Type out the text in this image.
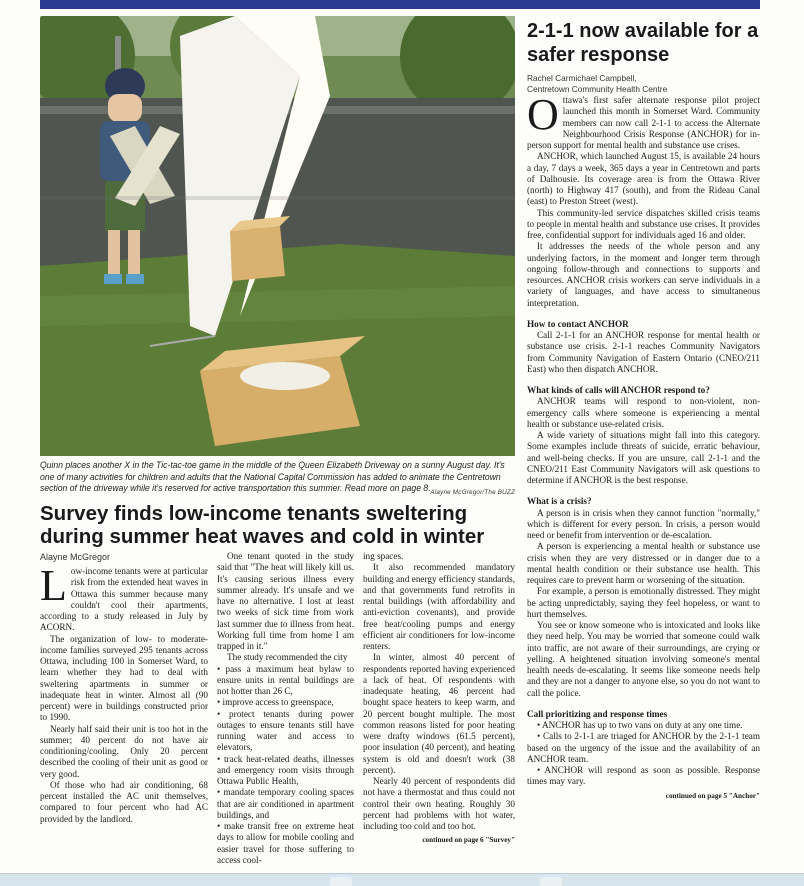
Quinn places another X in the Tic-tac-toe game in the middle of the Queen Elizabeth Driveway on a sunny August day. It's one of many activities for children and adults that the National Capital Commission has added to animate the Centretown section of the driveway while it's reserved for active transportation this summer. Read more on page 8. Alayne McGregor/The BUZZ
Survey finds low-income tenants sweltering during summer heat waves and cold in winter
Alayne McGregor

Low-income tenants were at particular risk from the extended heat waves in Ottawa this summer because many couldn't cool their apartments, according to a study released in July by ACORN.

The organization of low- to moderate-income families surveyed 295 tenants across Ottawa, including 100 in Somerset Ward, to learn whether they had to deal with sweltering apartments in summer or inadequate heat in winter. Almost all (90 percent) were in buildings constructed prior to 1990.

Nearly half said their unit is too hot in the summer; 40 percent do not have air conditioning/cooling. Only 20 percent described the cooling of their unit as good or very good.

Of those who had air conditioning, 68 percent installed the AC unit themselves, compared to four percent who had AC provided by the landlord.

One tenant quoted in the study said that "The heat will likely kill us. It's causing serious illness every summer already. It's unsafe and we have no alternative. I lost at least two weeks of sick time from work last summer due to illness from heat. Working full time from home I am trapped in it."

The study recommended the city

• pass a maximum heat bylaw to ensure units in rental buildings are not hotter than 26 C,

• improve access to greenspace,

• protect tenants during power outages to ensure tenants still have running water and access to elevators,

• track heat-related deaths, illnesses and emergency room visits through Ottawa Public Health,

• mandate temporary cooling spaces that are air conditioned in apartment buildings, and

• make transit free on extreme heat days to allow for mobile cooling and easier travel for those suffering to access cool-

ing spaces.

It also recommended mandatory building and energy efficiency standards, and that governments fund retrofits in rental buildings (with affordability and anti-eviction covenants), and provide free heat/cooling pumps and energy efficient air conditioners for low-income renters.

In winter, almost 40 percent of respondents reported having experienced a lack of heat. Of respondents with inadequate heating, 46 percent had bought space heaters to keep warm, and 20 percent bought multiple. The most common reasons listed for poor heating were drafty windows (61.5 percent), poor insulation (40 percent), and heating system is old and doesn't work (38 percent).

Nearly 40 percent of respondents did not have a thermostat and thus could not control their own heating. Roughly 30 percent had problems with hot water, including too cold and too hot.

continued on page 6 "Survey"

2-1-1 now available for a safer response
Rachel Carmichael Campbell,
Centretown Community Health Centre

Ottawa's first safer alternate response pilot project launched this month in Somerset Ward. Community members can now call 2-1-1 to access the Alternate Neighbourhood Crisis Response (ANCHOR) for in-person support for mental health and substance use crises.

ANCHOR, which launched August 15, is available 24 hours a day, 7 days a week, 365 days a year in Centretown and parts of Dalhousie. Its coverage area is from the Ottawa River (north) to Highway 417 (south), and from the Rideau Canal (east) to Preston Street (west).

This community-led service dispatches skilled crisis teams to people in mental health and substance use crises. It provides free, confidential support for individuals aged 16 and older.

It addresses the needs of the whole person and any underlying factors, in the moment and longer term through ongoing follow-through and connections to supports and resources. ANCHOR crisis workers can serve individuals in a variety of languages, and have access to simultaneous interpretation.

How to contact ANCHOR

Call 2-1-1 for an ANCHOR response for mental health or substance use crisis. 2-1-1 reaches Community Navigators from Community Navigation of Eastern Ontario (CNEO/211 East) who then dispatch ANCHOR.

What kinds of calls will ANCHOR respond to?

ANCHOR teams will respond to non-violent, non-emergency calls where someone is experiencing a mental health or substance use-related crisis.

A wide variety of situations might fall into this category. Some examples include threats of suicide, erratic behaviour, and well-being checks. If you are unsure, call 2-1-1 and the CNEO/211 East Community Navigators will ask questions to determine if ANCHOR is the best response.

What is a crisis?

A person is in crisis when they cannot function "normally," which is different for every person. In crisis, a person would need or benefit from intervention or de-escalation.

A person is experiencing a mental health or substance use crisis when they are very distressed or in danger due to a mental health condition or their substance use health. This requires care to prevent harm or worsening of the situation.

For example, a person is emotionally distressed. They might be acting unpredictably, saying they feel hopeless, or want to hurt themselves.

You see or know someone who is intoxicated and looks like they need help. You may be worried that someone could walk into traffic, are not aware of their surroundings, are crying or yelling. A heightened situation involving someone's mental health needs de-escalating. It seems like someone needs help and they are not a danger to anyone else, so you do not want to call the police.

Call prioritizing and response times

• ANCHOR has up to two vans on duty at any one time.

• Calls to 2-1-1 are triaged for ANCHOR by the 2-1-1 team based on the urgency of the issue and the availability of an ANCHOR team.

• ANCHOR will respond as soon as possible. Response times may vary.

continued on page 5 "Anchor"
